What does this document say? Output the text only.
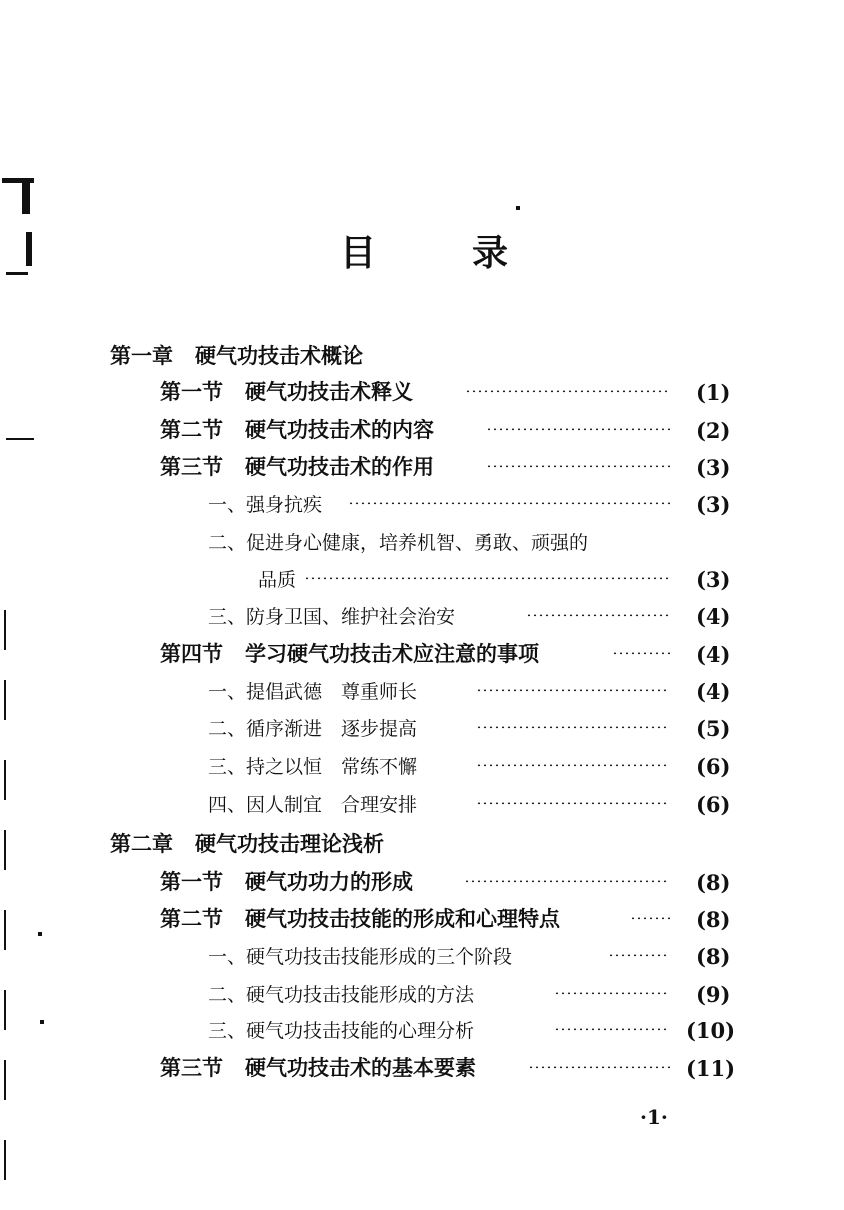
目	录
第一章 硬气功技击术概论
第一节 硬气功技击术释义	(1)
第二节 硬气功技击术的内容	(2)
第三节 硬气功技击术的作用	(3)
一、 强身抗疾	(3)
二、 促进身心健康，培养机智、勇敢、顽强的
品质	(3)
三、 防身卫国、维护社会治安	(4)
第四节 学习硬气功技击术应注意的事项	(4)
一、 提倡武德　尊重师长	(4)
二、 循序渐进　逐步提高	(5)
三、 持之以恒　常练不懈	(6)
四、 因人制宜　合理安排	(6)
第二章 硬气功技击理论浅析
第一节 硬气功功力的形成	(8)
第二节 硬气功技击技能的形成和心理特点	(8)
一、 硬气功技击技能形成的三个阶段	(8)
二、 硬气功技击技能形成的方法	(9)
三、 硬气功技击技能的心理分析	(10)
第三节 硬气功技击术的基本要素	(11)
·1·
